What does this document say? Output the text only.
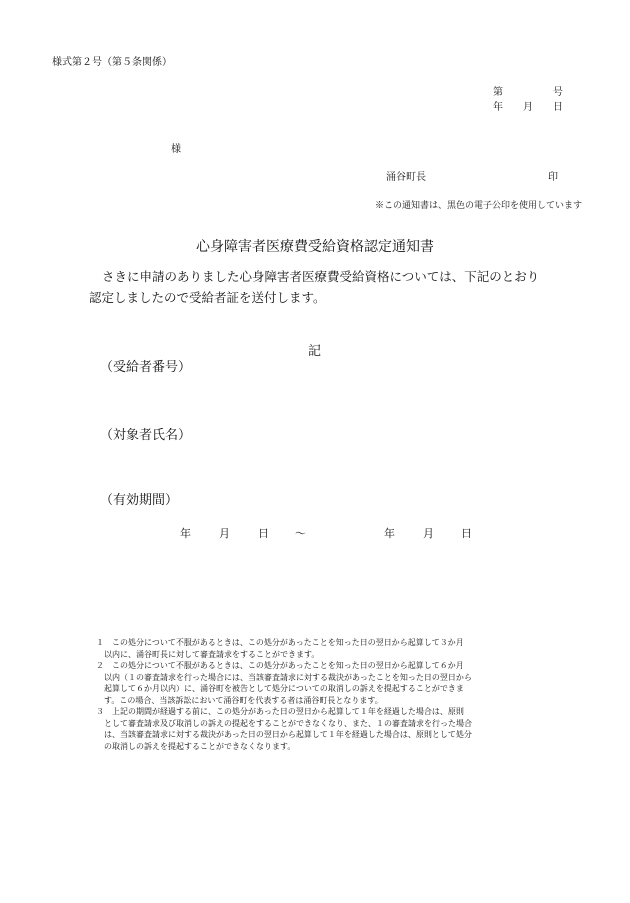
様式第２号（第５条関係）
第　　　　　号
年　　月　　日
様
涌谷町長	印
※この通知書は、黒色の電子公印を使用しています
心身障害者医療費受給資格認定通知書
さきに申請のありました心身障害者医療費受給資格については、下記のとおり
認定しましたので受給者証を送付します。
記
（受給者番号）
（対象者氏名）
（有効期間）
年	月	日 ～	年	月 日
１　この処分について不服があるときは、この処分があったことを知った日の翌日から起算して３か月
以内に、涌谷町長に対して審査請求をすることができます。
２　この処分について不服があるときは、この処分があったことを知った日の翌日から起算して６か月
以内（１の審査請求を行った場合には、当該審査請求に対する裁決があったことを知った日の翌日から
起算して６か月以内）に、涌谷町を被告として処分についての取消しの訴えを提起することができま
す。この場合、当該訴訟において涌谷町を代表する者は涌谷町長となります。
３　上記の期間が経過する前に、この処分があった日の翌日から起算して１年を経過した場合は、原則
として審査請求及び取消しの訴えの提起をすることができなくなり、また、１の審査請求を行った場合
は、当該審査請求に対する裁決があった日の翌日から起算して１年を経過した場合は、原則として処分
の取消しの訴えを提起することができなくなります。
